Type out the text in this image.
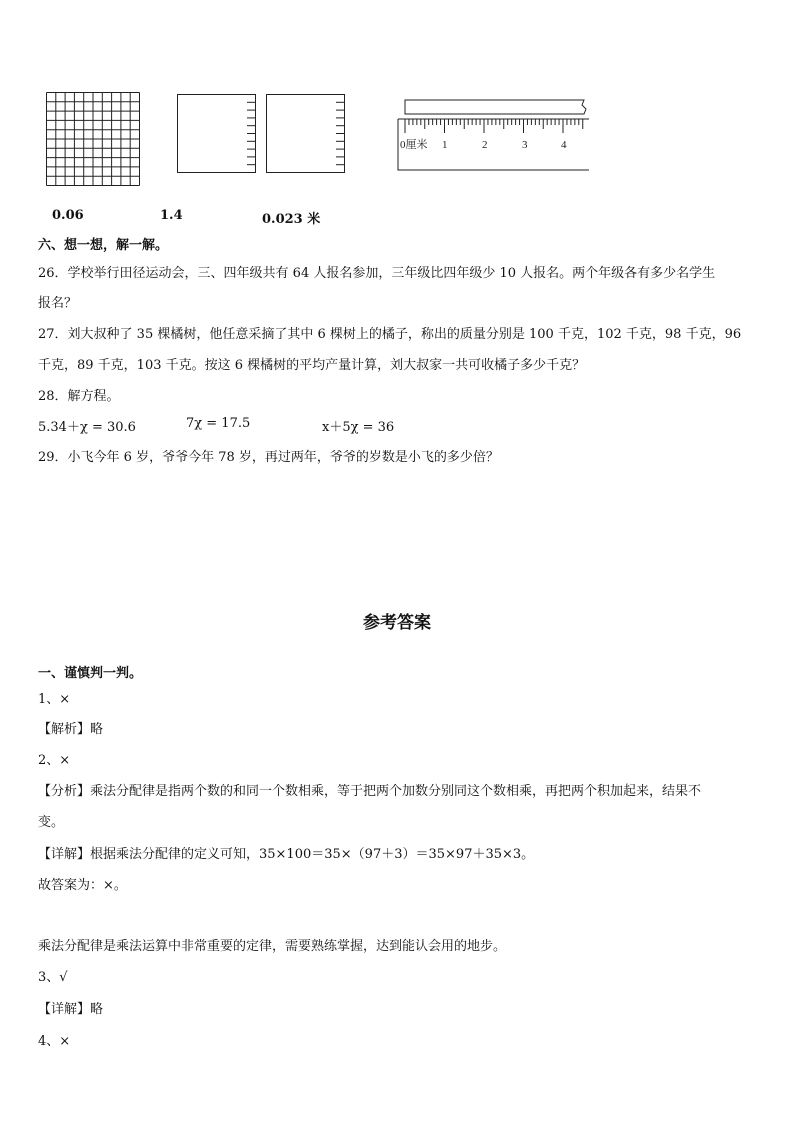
0厘米 1	2	3	4
0.06	1.4	0.023 米
六、想一想，解一解。
26．学校举行田径运动会，三、四年级共有 64 人报名参加，三年级比四年级少 10 人报名。两个年级各有多少名学生
报名？
27．刘大叔种了 35 棵橘树，他任意采摘了其中 6 棵树上的橘子，称出的质量分别是 100 千克，102 千克，98 千克，96
千克，89 千克，103 千克。按这 6 棵橘树的平均产量计算，刘大叔家一共可收橘子多少千克？
28．解方程。
5.34＋χ = 30.6	7χ = 17.5	x＋5χ = 36
29．小飞今年 6 岁，爷爷今年 78 岁，再过两年，爷爷的岁数是小飞的多少倍？
参考答案
一、谨慎判一判。
1、×
【解析】略
2、×
【分析】乘法分配律是指两个数的和同一个数相乘，等于把两个加数分别同这个数相乘，再把两个积加起来，结果不
变。
【详解】根据乘法分配律的定义可知，35×100＝35×（97＋3）＝35×97＋35×3。
故答案为：×。
乘法分配律是乘法运算中非常重要的定律，需要熟练掌握，达到能认会用的地步。
3、√
【详解】略
4、×
